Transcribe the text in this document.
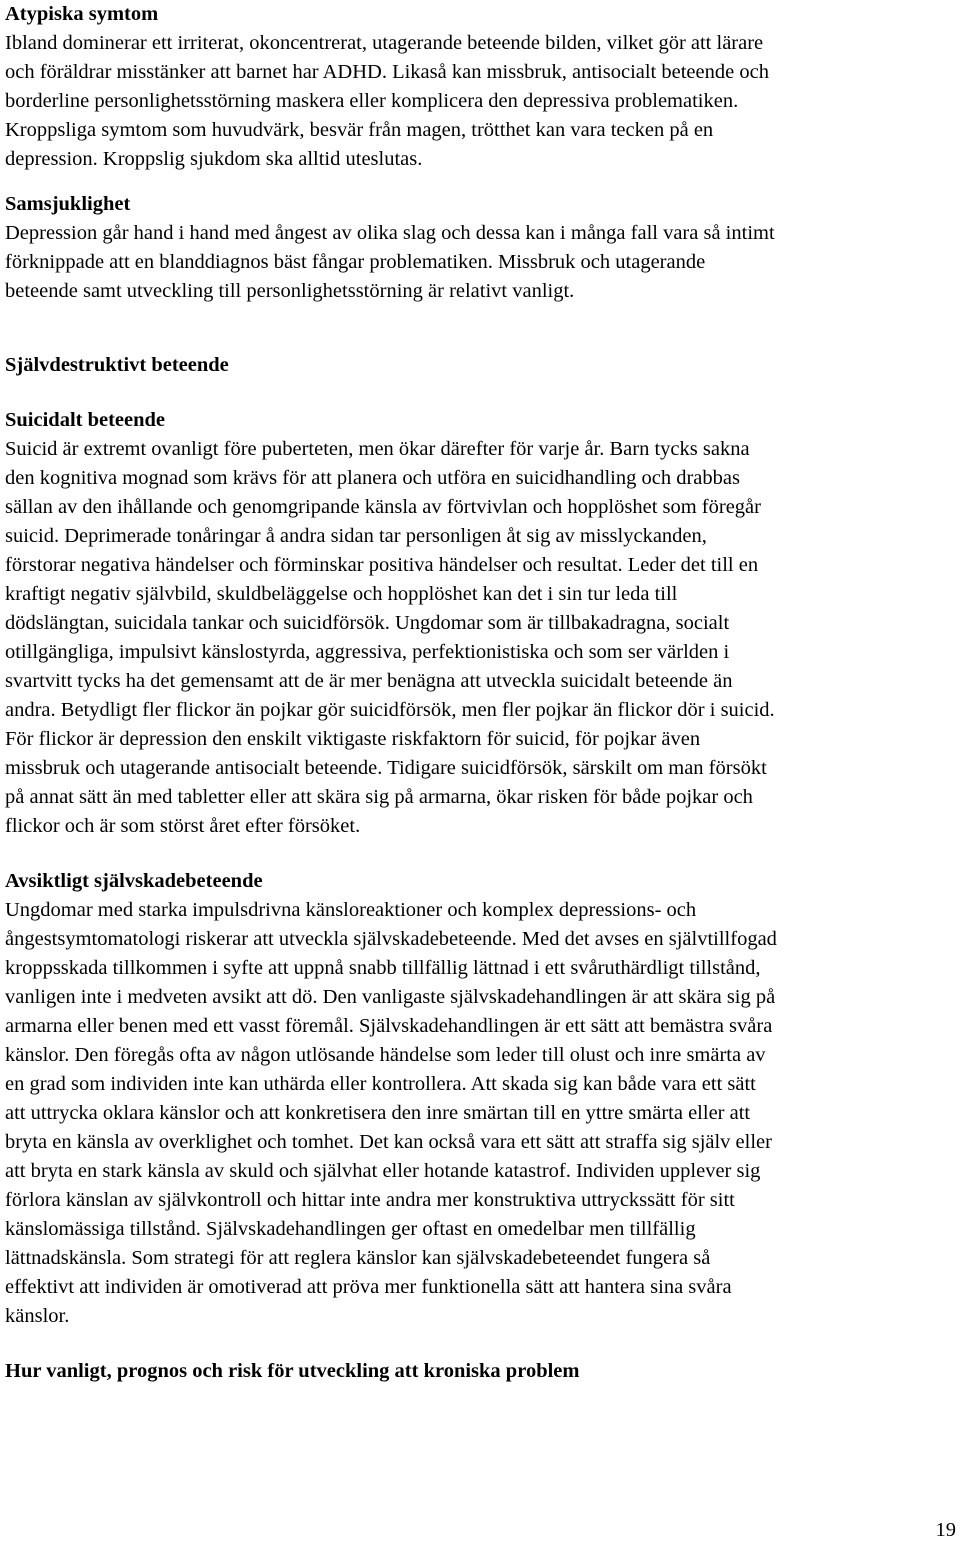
Atypiska symtom

Ibland dominerar ett irriterat, okoncentrerat, utagerande beteende bilden, vilket gör att lärare
och föräldrar misstänker att barnet har ADHD. Likaså kan missbruk, antisocialt beteende och
borderline personlighetsstörning maskera eller komplicera den depressiva problematiken.
Kroppsliga symtom som huvudvärk, besvär från magen, trötthet kan vara tecken på en
depression. Kroppslig sjukdom ska alltid uteslutas.

Samsjuklighet

Depression går hand i hand med ångest av olika slag och dessa kan i många fall vara så intimt
förknippade att en blanddiagnos bäst fångar problematiken. Missbruk och utagerande
beteende samt utveckling till personlighetsstörning är relativt vanligt.

Självdestruktivt beteende
Suicidalt beteende

Suicid är extremt ovanligt före puberteten, men ökar därefter för varje år. Barn tycks sakna
den kognitiva mognad som krävs för att planera och utföra en suicidhandling och drabbas
sällan av den ihållande och genomgripande känsla av förtvivlan och hopplöshet som föregår
suicid. Deprimerade tonåringar å andra sidan tar personligen åt sig av misslyckanden,
förstorar negativa händelser och förminskar positiva händelser och resultat. Leder det till en
kraftigt negativ självbild, skuldbeläggelse och hopplöshet kan det i sin tur leda till
dödslängtan, suicidala tankar och suicidförsök. Ungdomar som är tillbakadragna, socialt
otillgängliga, impulsivt känslostyrda, aggressiva, perfektionistiska och som ser världen i
svartvitt tycks ha det gemensamt att de är mer benägna att utveckla suicidalt beteende än
andra. Betydligt fler flickor än pojkar gör suicidförsök, men fler pojkar än flickor dör i suicid.
För flickor är depression den enskilt viktigaste riskfaktorn för suicid, för pojkar även
missbruk och utagerande antisocialt beteende. Tidigare suicidförsök, särskilt om man försökt
på annat sätt än med tabletter eller att skära sig på armarna, ökar risken för både pojkar och
flickor och är som störst året efter försöket.

Avsiktligt självskadebeteende

Ungdomar med starka impulsdrivna känsloreaktioner och komplex depressions- och
ångestsymtomatologi riskerar att utveckla självskadebeteende. Med det avses en självtillfogad
kroppsskada tillkommen i syfte att uppnå snabb tillfällig lättnad i ett svåruthärdligt tillstånd,
vanligen inte i medveten avsikt att dö. Den vanligaste självskadehandlingen är att skära sig på
armarna eller benen med ett vasst föremål. Självskadehandlingen är ett sätt att bemästra svåra
känslor. Den föregås ofta av någon utlösande händelse som leder till olust och inre smärta av
en grad som individen inte kan uthärda eller kontrollera. Att skada sig kan både vara ett sätt
att uttrycka oklara känslor och att konkretisera den inre smärtan till en yttre smärta eller att
bryta en känsla av overklighet och tomhet. Det kan också vara ett sätt att straffa sig själv eller
att bryta en stark känsla av skuld och självhat eller hotande katastrof. Individen upplever sig
förlora känslan av självkontroll och hittar inte andra mer konstruktiva uttryckssätt för sitt
känslomässiga tillstånd. Självskadehandlingen ger oftast en omedelbar men tillfällig
lättnadskänsla. Som strategi för att reglera känslor kan självskadebeteendet fungera så
effektivt att individen är omotiverad att pröva mer funktionella sätt att hantera sina svåra
känslor.

Hur vanligt, prognos och risk för utveckling att kroniska problem
19
